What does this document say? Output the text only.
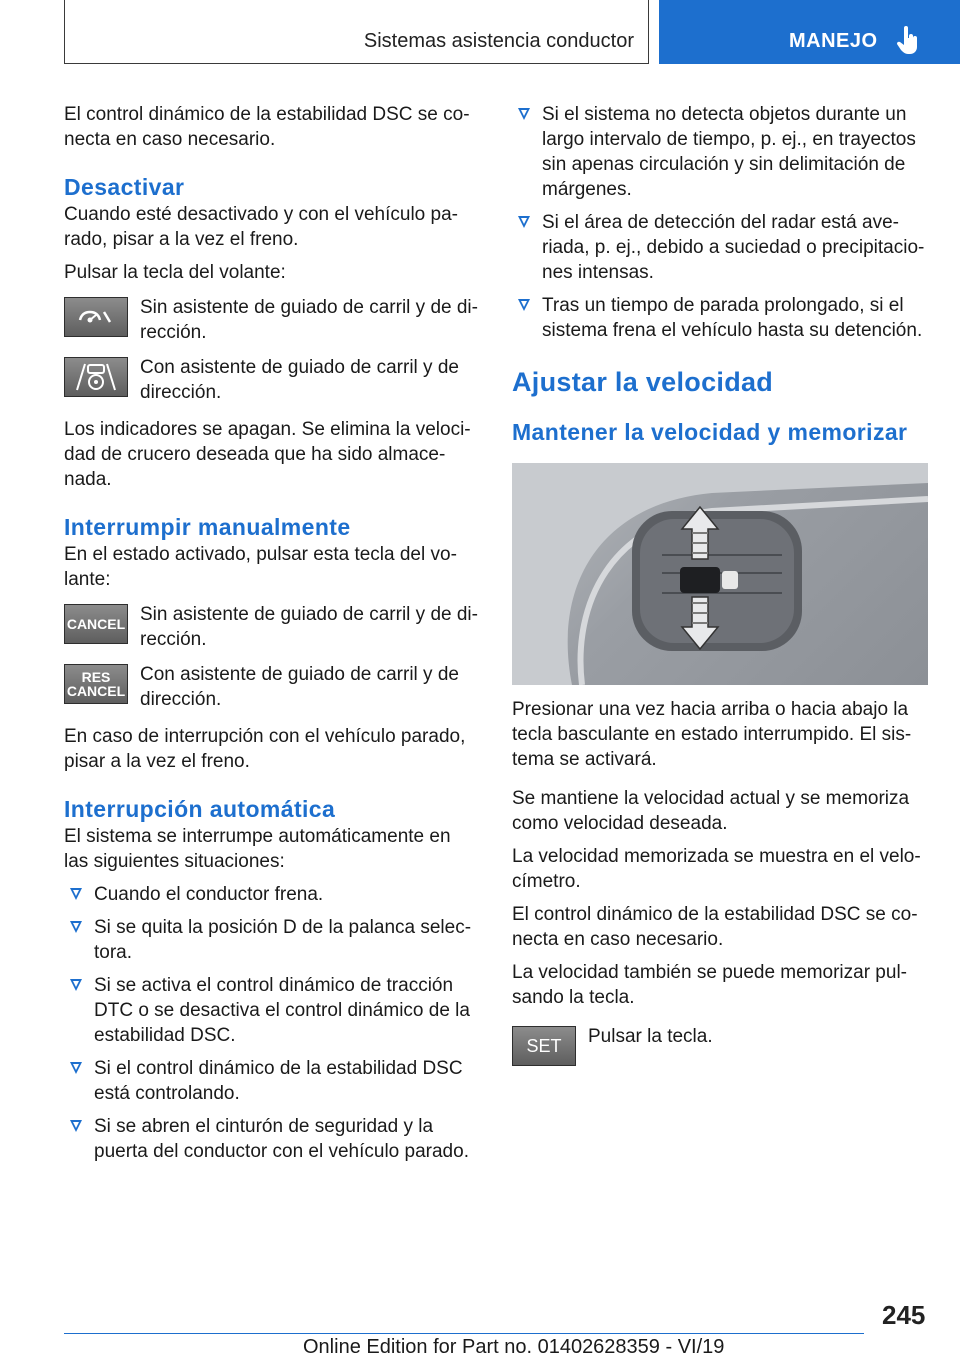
Sistemas asistencia conductor	MANEJO

El control dinámico de la estabilidad DSC se co-necta en caso necesario.

Desactivar

Cuando esté desactivado y con el vehículo pa-rado, pisar a la vez el freno.

Pulsar la tecla del volante:

Sin asistente de guiado de carril y de di-rección.

Con asistente de guiado de carril y de dirección.

Los indicadores se apagan. Se elimina la veloci-dad de crucero deseada que ha sido almace-nada.

Interrumpir manualmente

En el estado activado, pulsar esta tecla del vo-lante:

CANCEL Sin asistente de guiado de carril y de di-rección.

RES
CANCEL

Con asistente de guiado de carril y de dirección.

En caso de interrupción con el vehículo parado, pisar a la vez el freno.

Interrupción automática

El sistema se interrumpe automáticamente en las siguientes situaciones:

Cuando el conductor frena.
Si se quita la posición D de la palanca selec-tora.
Si se activa el control dinámico de tracción DTC o se desactiva el control dinámico de la estabilidad DSC.
Si el control dinámico de la estabilidad DSC está controlando.
Si se abren el cinturón de seguridad y la puerta del conductor con el vehículo parado.
Si el sistema no detecta objetos durante un largo intervalo de tiempo, p. ej., en trayectos sin apenas circulación y sin delimitación de márgenes.
Si el área de detección del radar está ave-riada, p. ej., debido a suciedad o precipitacio-nes intensas.
Tras un tiempo de parada prolongado, si el sistema frena el vehículo hasta su detención.
Ajustar la velocidad
Mantener la velocidad y memorizar

Presionar una vez hacia arriba o hacia abajo la tecla basculante en estado interrumpido. El sis-tema se activará.

Se mantiene la velocidad actual y se memoriza como velocidad deseada.

La velocidad memorizada se muestra en el velo-címetro.

El control dinámico de la estabilidad DSC se co-necta en caso necesario.

La velocidad también se puede memorizar pul-sando la tecla.

SET Pulsar la tecla.

245
Online Edition for Part no. 01402628359 - VI/19
